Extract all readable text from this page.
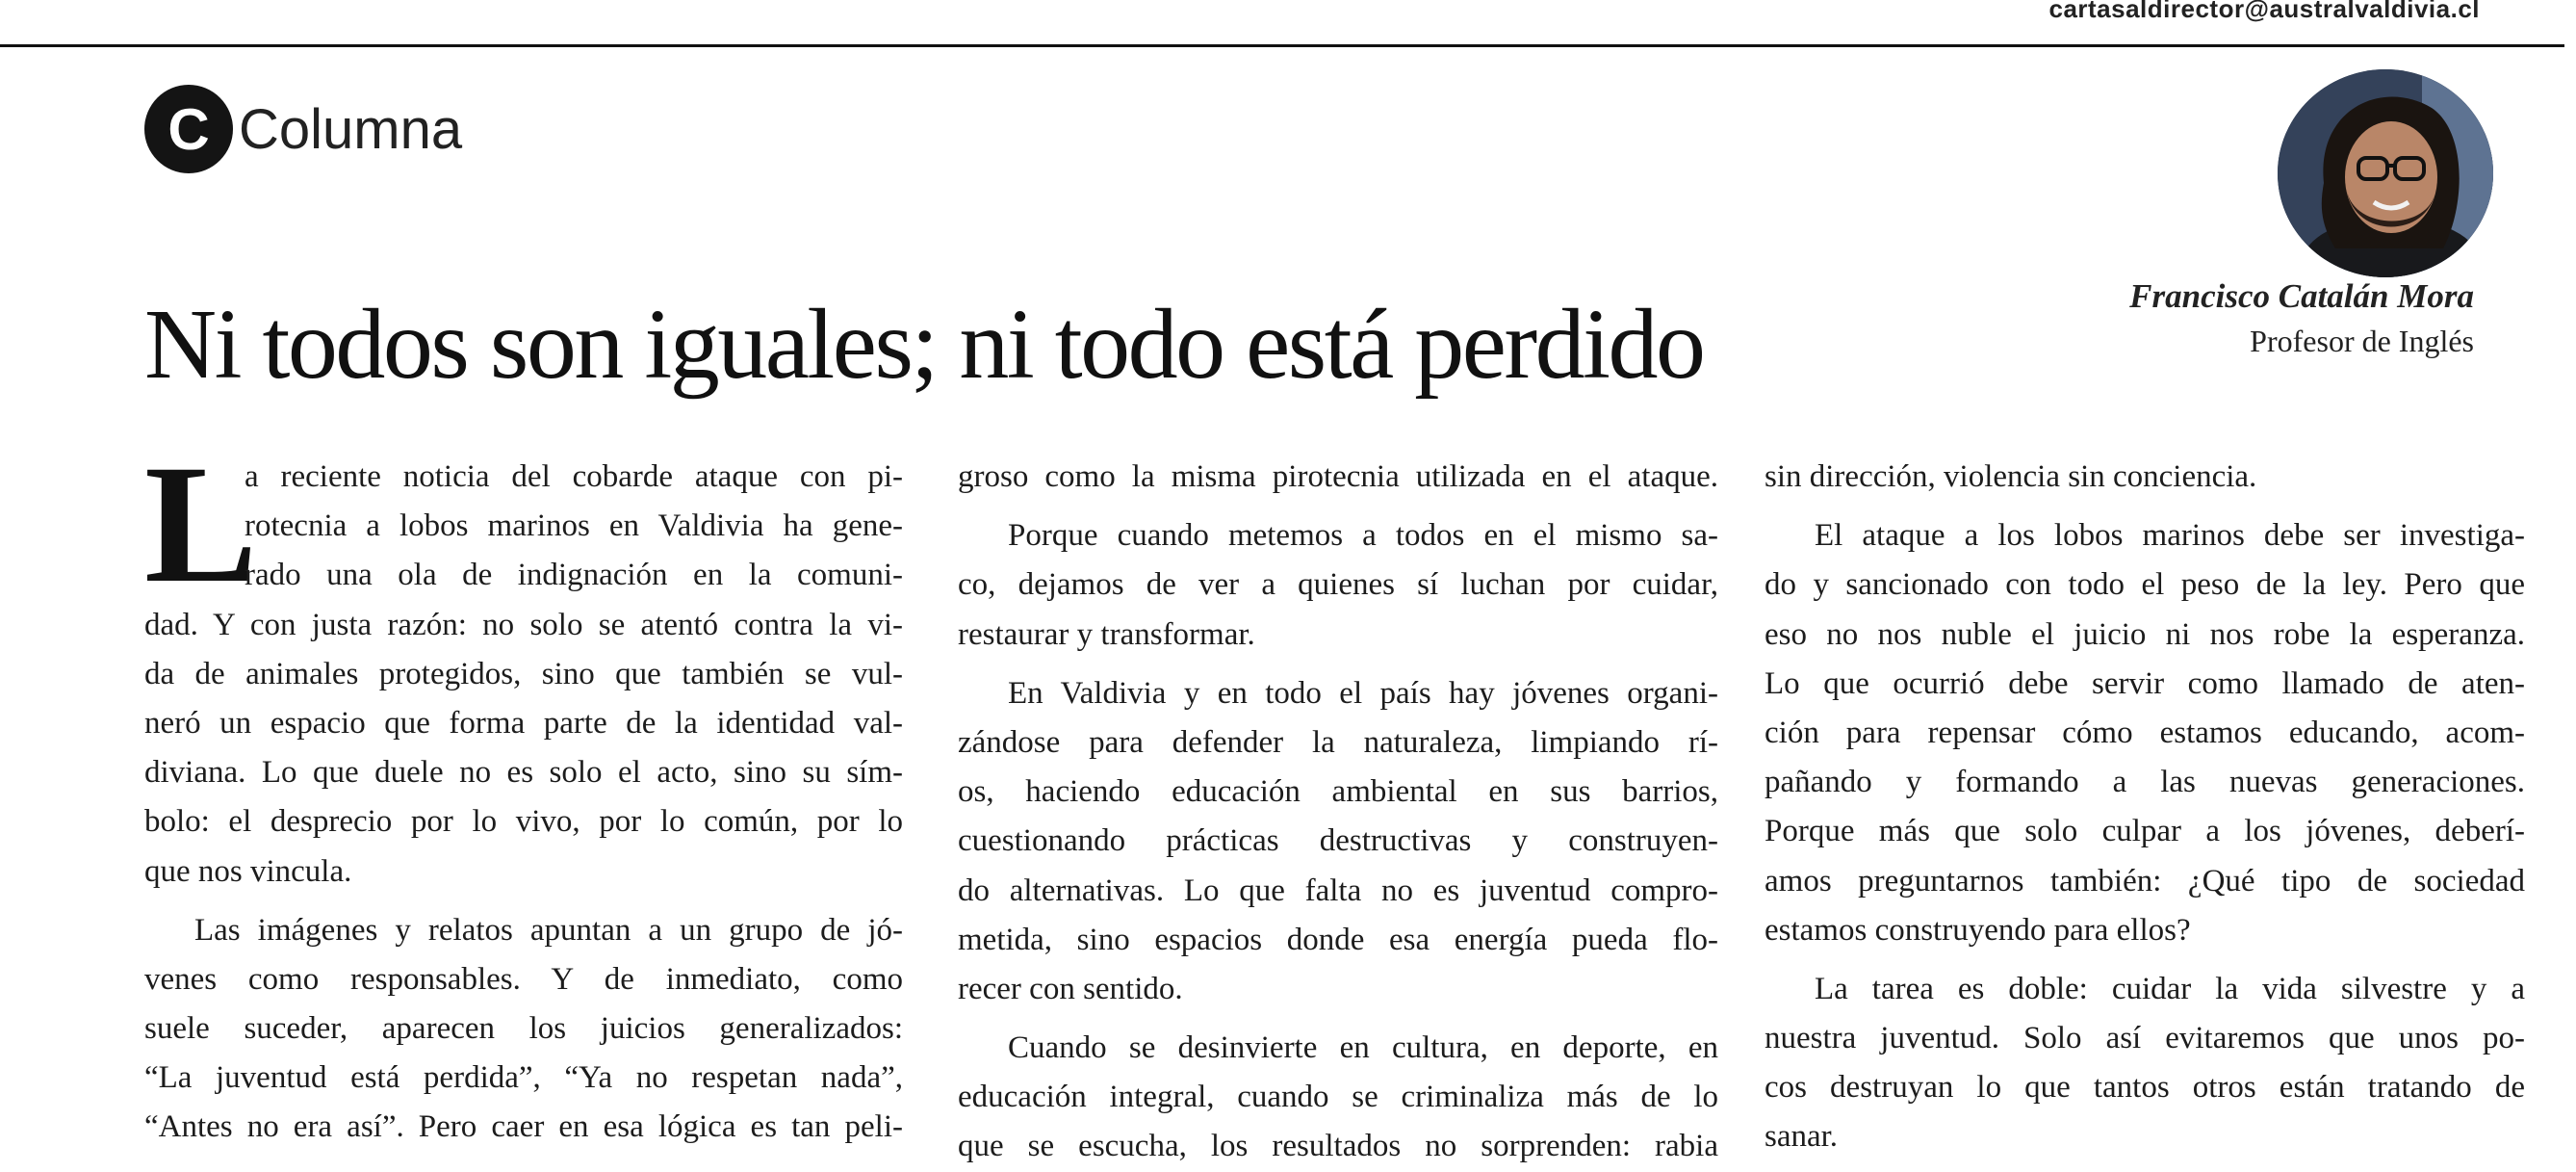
cartasaldirector@australvaldivia.cl
C Columna
Francisco Catalán Mora
Profesor de Inglés
Ni todos son iguales; ni todo está perdido
L
a reciente noticia del cobarde ataque con pi-
rotecnia a lobos marinos en Valdivia ha gene-
rado una ola de indignación en la comuni-
dad. Y con justa razón: no solo se atentó contra la vi-
da de animales protegidos, sino que también se vul-
neró un espacio que forma parte de la identidad val-
diviana. Lo que duele no es solo el acto, sino su sím-
bolo: el desprecio por lo vivo, por lo común, por lo
que nos vincula.
Las imágenes y relatos apuntan a un grupo de jó-
venes como responsables. Y de inmediato, como
suele suceder, aparecen los juicios generalizados:
“La juventud está perdida”, “Ya no respetan nada”,
“Antes no era así”. Pero caer en esa lógica es tan peli-
groso como la misma pirotecnia utilizada en el ataque.
Porque cuando metemos a todos en el mismo sa-
co, dejamos de ver a quienes sí luchan por cuidar,
restaurar y transformar.
En Valdivia y en todo el país hay jóvenes organi-
zándose para defender la naturaleza, limpiando rí-
os, haciendo educación ambiental en sus barrios,
cuestionando prácticas destructivas y construyen-
do alternativas. Lo que falta no es juventud compro-
metida, sino espacios donde esa energía pueda flo-
recer con sentido.
Cuando se desinvierte en cultura, en deporte, en
educación integral, cuando se criminaliza más de lo
que se escucha, los resultados no sorprenden: rabia
sin dirección, violencia sin conciencia.
El ataque a los lobos marinos debe ser investiga-
do y sancionado con todo el peso de la ley. Pero que
eso no nos nuble el juicio ni nos robe la esperanza.
Lo que ocurrió debe servir como llamado de aten-
ción para repensar cómo estamos educando, acom-
pañando y formando a las nuevas generaciones.
Porque más que solo culpar a los jóvenes, deberí-
amos preguntarnos también: ¿Qué tipo de sociedad
estamos construyendo para ellos?
La tarea es doble: cuidar la vida silvestre y a
nuestra juventud. Solo así evitaremos que unos po-
cos destruyan lo que tantos otros están tratando de
sanar.
